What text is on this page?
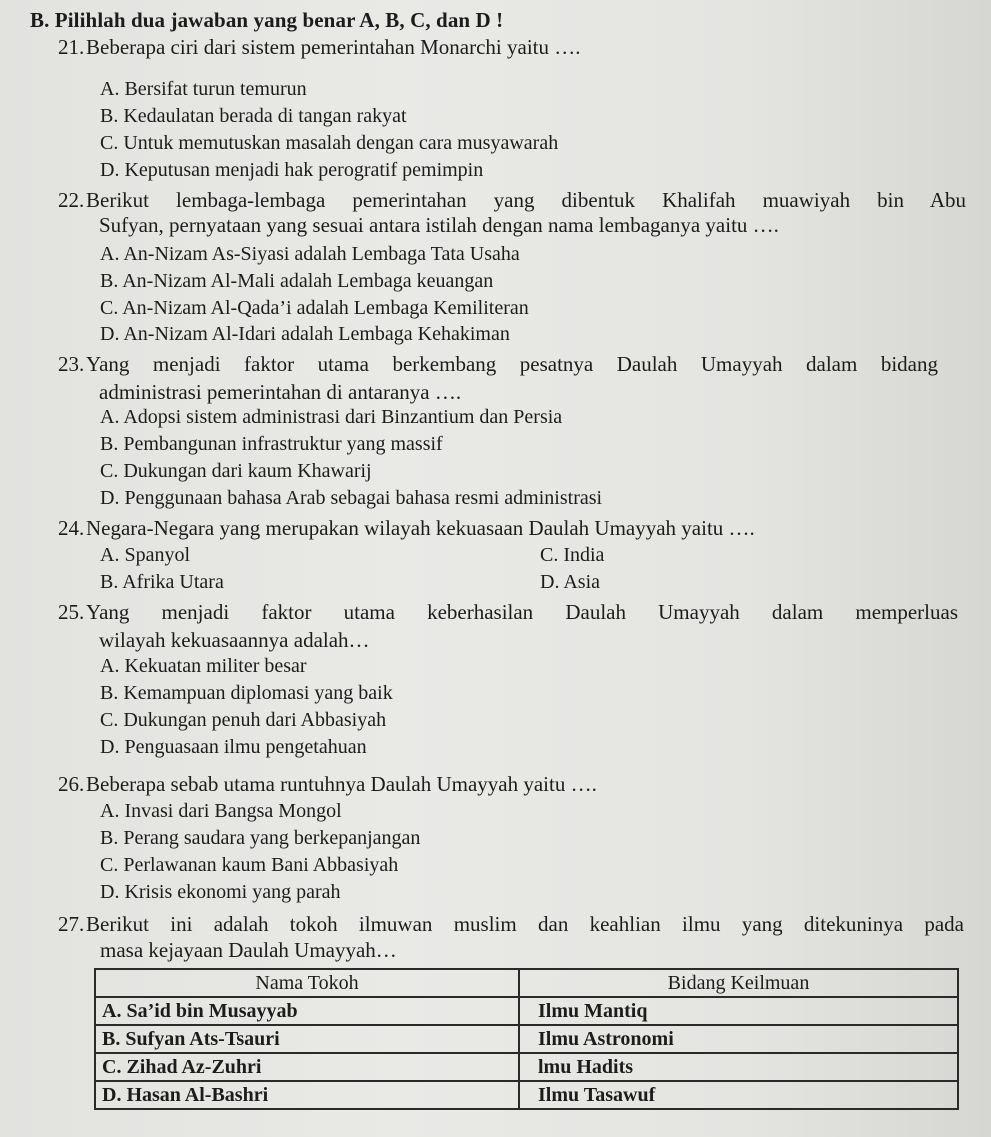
B. Pilihlah dua jawaban yang benar A, B, C, dan D !
21.Beberapa ciri dari sistem pemerintahan Monarchi yaitu ….
A. Bersifat turun temurun
B. Kedaulatan berada di tangan rakyat
C. Untuk memutuskan masalah dengan cara musyawarah
D. Keputusan menjadi hak perogratif pemimpin
22.Berikut lembaga-lembaga pemerintahan yang dibentuk Khalifah muawiyah bin Abu
Sufyan, pernyataan yang sesuai antara istilah dengan nama lembaganya yaitu ….
A. An-Nizam As-Siyasi adalah Lembaga Tata Usaha
B. An-Nizam Al-Mali adalah Lembaga keuangan
C. An-Nizam Al-Qada’i adalah Lembaga Kemiliteran
D. An-Nizam Al-Idari adalah Lembaga Kehakiman
23.Yang menjadi faktor utama berkembang pesatnya Daulah Umayyah dalam bidang
administrasi pemerintahan di antaranya ….
A. Adopsi sistem administrasi dari Binzantium dan Persia
B. Pembangunan infrastruktur yang massif
C. Dukungan dari kaum Khawarij
D. Penggunaan bahasa Arab sebagai bahasa resmi administrasi
24.Negara-Negara yang merupakan wilayah kekuasaan Daulah Umayyah yaitu ….
A. Spanyol	C. India
B. Afrika Utara	D. Asia
25.Yang menjadi faktor utama keberhasilan Daulah Umayyah dalam memperluas
wilayah kekuasaannya adalah…
A. Kekuatan militer besar
B. Kemampuan diplomasi yang baik
C. Dukungan penuh dari Abbasiyah
D. Penguasaan ilmu pengetahuan
26.Beberapa sebab utama runtuhnya Daulah Umayyah yaitu ….
A. Invasi dari Bangsa Mongol
B. Perang saudara yang berkepanjangan
C. Perlawanan kaum Bani Abbasiyah
D. Krisis ekonomi yang parah
27.Berikut ini adalah tokoh ilmuwan muslim dan keahlian ilmu yang ditekuninya pada
masa kejayaan Daulah Umayyah…
Nama Tokoh	Bidang Keilmuan
A. Sa’id bin Musayyab	Ilmu Mantiq
B. Sufyan Ats-Tsauri	Ilmu Astronomi
C. Zihad Az-Zuhri	lmu Hadits
D. Hasan Al-Bashri	Ilmu Tasawuf
